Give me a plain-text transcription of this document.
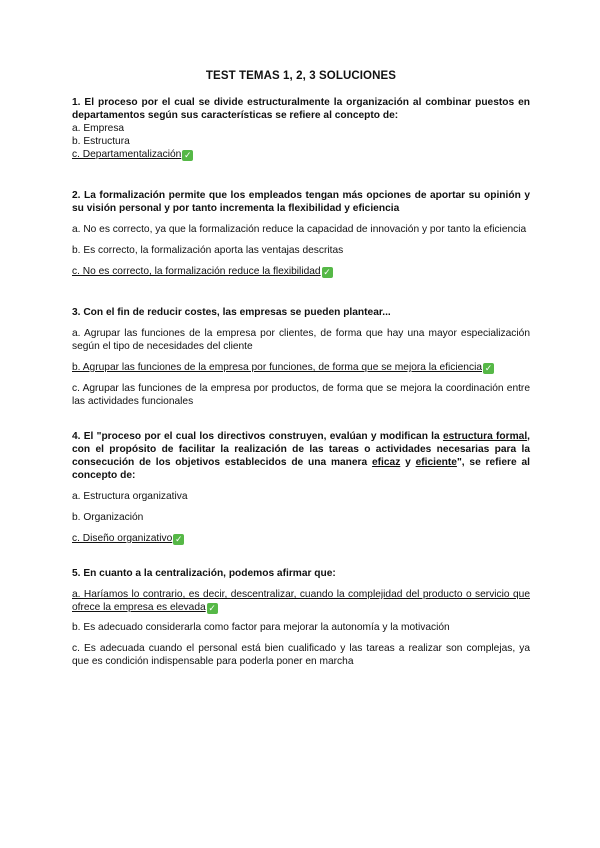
TEST TEMAS 1, 2, 3 SOLUCIONES

1. El proceso por el cual se divide estructuralmente la organización al combinar puestos en departamentos según sus características se refiere al concepto de:

a. Empresa

b. Estructura

c. Departamentalización ✓

2. La formalización permite que los empleados tengan más opciones de aportar su opinión y su visión personal y por tanto incrementa la flexibilidad y eficiencia

a. No es correcto, ya que la formalización reduce la capacidad de innovación y por tanto la eficiencia

b. Es correcto, la formalización aporta las ventajas descritas

c. No es correcto, la formalización reduce la flexibilidad ✓

3. Con el fin de reducir costes, las empresas se pueden plantear...

a. Agrupar las funciones de la empresa por clientes, de forma que hay una mayor especialización según el tipo de necesidades del cliente

b. Agrupar las funciones de la empresa por funciones, de forma que se mejora la eficiencia ✓

c. Agrupar las funciones de la empresa por productos, de forma que se mejora la coordinación entre las actividades funcionales

4. El "proceso por el cual los directivos construyen, evalúan y modifican la estructura formal, con el propósito de facilitar la realización de las tareas o actividades necesarias para la consecución de los objetivos establecidos de una manera eficaz y eficiente", se refiere al concepto de:

a. Estructura organizativa

b. Organización

c. Diseño organizativo ✓

5. En cuanto a la centralización, podemos afirmar que:

a. Haríamos lo contrario, es decir, descentralizar, cuando la complejidad del producto o servicio que ofrece la empresa es elevada ✓

b. Es adecuado considerarla como factor para mejorar la autonomía y la motivación

c. Es adecuada cuando el personal está bien cualificado y las tareas a realizar son complejas, ya que es condición indispensable para poderla poner en marcha
